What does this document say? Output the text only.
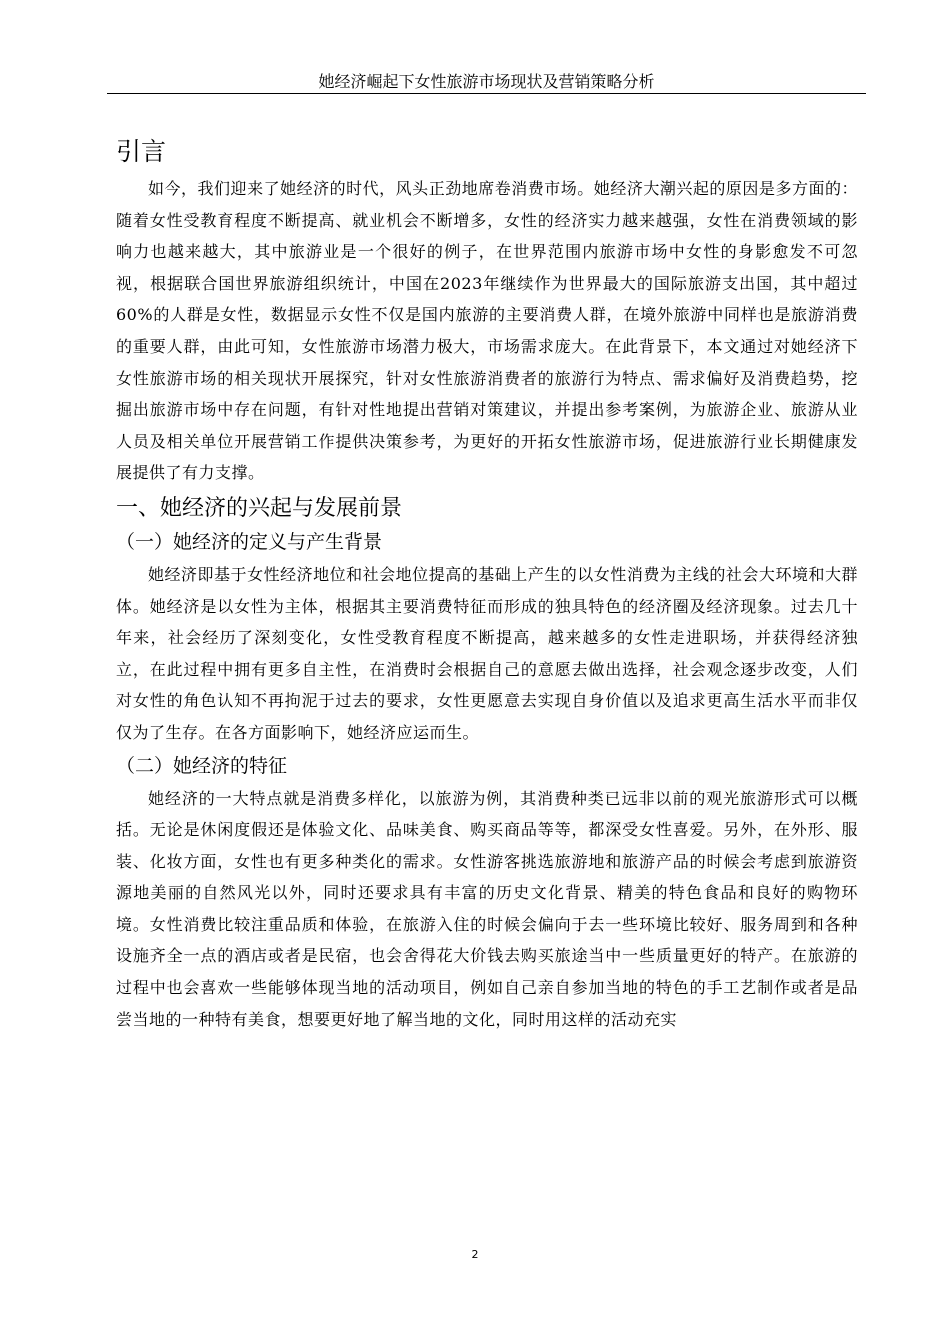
她经济崛起下女性旅游市场现状及营销策略分析
引言

如今，我们迎来了她经济的时代，风头正劲地席卷消费市场。她经济大潮兴起的原因是多方面的：随着女性受教育程度不断提高、就业机会不断增多，女性的经济实力越来越强，女性在消费领域的影响力也越来越大，其中旅游业是一个很好的例子，在世界范围内旅游市场中女性的身影愈发不可忽视，根据联合国世界旅游组织统计，中国在2023年继续作为世界最大的国际旅游支出国，其中超过60%的人群是女性，数据显示女性不仅是国内旅游的主要消费人群，在境外旅游中同样也是旅游消费的重要人群，由此可知，女性旅游市场潜力极大，市场需求庞大。在此背景下，本文通过对她经济下女性旅游市场的相关现状开展探究，针对女性旅游消费者的旅游行为特点、需求偏好及消费趋势，挖掘出旅游市场中存在问题，有针对性地提出营销对策建议，并提出参考案例，为旅游企业、旅游从业人员及相关单位开展营销工作提供决策参考，为更好的开拓女性旅游市场，促进旅游行业长期健康发展提供了有力支撑。

一、她经济的兴起与发展前景
（一）她经济的定义与产生背景

她经济即基于女性经济地位和社会地位提高的基础上产生的以女性消费为主线的社会大环境和大群体。她经济是以女性为主体，根据其主要消费特征而形成的独具特色的经济圈及经济现象。过去几十年来，社会经历了深刻变化，女性受教育程度不断提高，越来越多的女性走进职场，并获得经济独立，在此过程中拥有更多自主性，在消费时会根据自己的意愿去做出选择，社会观念逐步改变，人们对女性的角色认知不再拘泥于过去的要求，女性更愿意去实现自身价值以及追求更高生活水平而非仅仅为了生存。在各方面影响下，她经济应运而生。

（二）她经济的特征

她经济的一大特点就是消费多样化，以旅游为例，其消费种类已远非以前的观光旅游形式可以概括。无论是休闲度假还是体验文化、品味美食、购买商品等等，都深受女性喜爱。另外，在外形、服装、化妆方面，女性也有更多种类化的需求。女性游客挑选旅游地和旅游产品的时候会考虑到旅游资源地美丽的自然风光以外，同时还要求具有丰富的历史文化背景、精美的特色食品和良好的购物环境。女性消费比较注重品质和体验，在旅游入住的时候会偏向于去一些环境比较好、服务周到和各种设施齐全一点的酒店或者是民宿，也会舍得花大价钱去购买旅途当中一些质量更好的特产。在旅游的过程中也会喜欢一些能够体现当地的活动项目，例如自己亲自参加当地的特色的手工艺制作或者是品尝当地的一种特有美食，想要更好地了解当地的文化，同时用这样的活动充实

2
